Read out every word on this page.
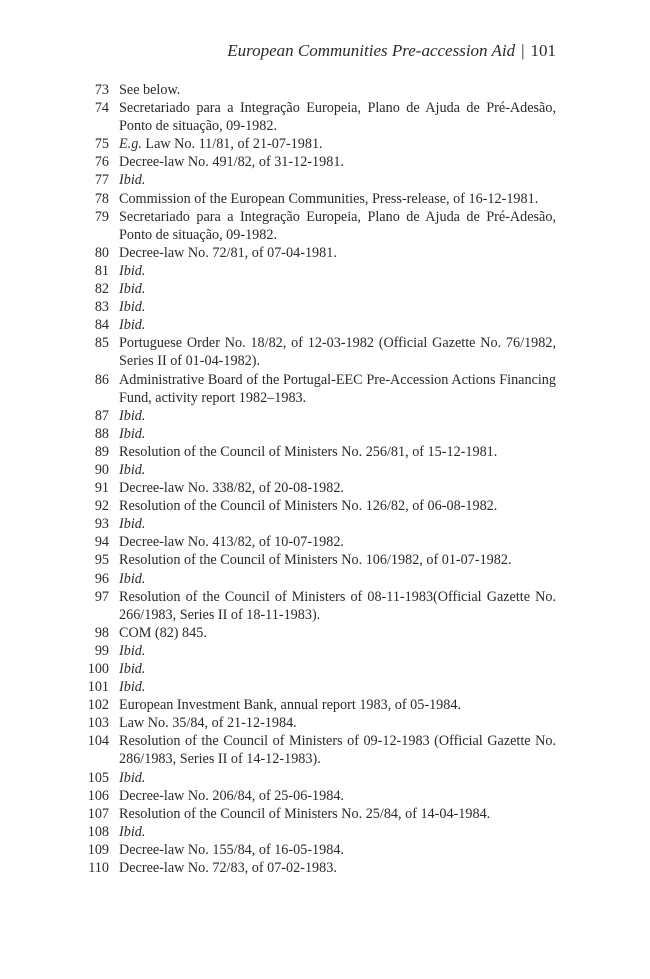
European Communities Pre-accession Aid | 101
73 See below.
74 Secretariado para a Integração Europeia, Plano de Ajuda de Pré-Adesão, Ponto de situação, 09-1982.
75 E.g. Law No. 11/81, of 21-07-1981.
76 Decree-law No. 491/82, of 31-12-1981.
77 Ibid.
78 Commission of the European Communities, Press-release, of 16-12-1981.
79 Secretariado para a Integração Europeia, Plano de Ajuda de Pré-Adesão, Ponto de situação, 09-1982.
80 Decree-law No. 72/81, of 07-04-1981.
81 Ibid.
82 Ibid.
83 Ibid.
84 Ibid.
85 Portuguese Order No. 18/82, of 12-03-1982 (Official Gazette No. 76/1982, Series II of 01-04-1982).
86 Administrative Board of the Portugal-EEC Pre-Accession Actions Financing Fund, activity report 1982–1983.
87 Ibid.
88 Ibid.
89 Resolution of the Council of Ministers No. 256/81, of 15-12-1981.
90 Ibid.
91 Decree-law No. 338/82, of 20-08-1982.
92 Resolution of the Council of Ministers No. 126/82, of 06-08-1982.
93 Ibid.
94 Decree-law No. 413/82, of 10-07-1982.
95 Resolution of the Council of Ministers No. 106/1982, of 01-07-1982.
96 Ibid.
97 Resolution of the Council of Ministers of 08-11-1983(Official Gazette No. 266/1983, Series II of 18-11-1983).
98 COM (82) 845.
99 Ibid.
100 Ibid.
101 Ibid.
102 European Investment Bank, annual report 1983, of 05-1984.
103 Law No. 35/84, of 21-12-1984.
104 Resolution of the Council of Ministers of 09-12-1983 (Official Gazette No. 286/1983, Series II of 14-12-1983).
105 Ibid.
106 Decree-law No. 206/84, of 25-06-1984.
107 Resolution of the Council of Ministers No. 25/84, of 14-04-1984.
108 Ibid.
109 Decree-law No. 155/84, of 16-05-1984.
110 Decree-law No. 72/83, of 07-02-1983.
